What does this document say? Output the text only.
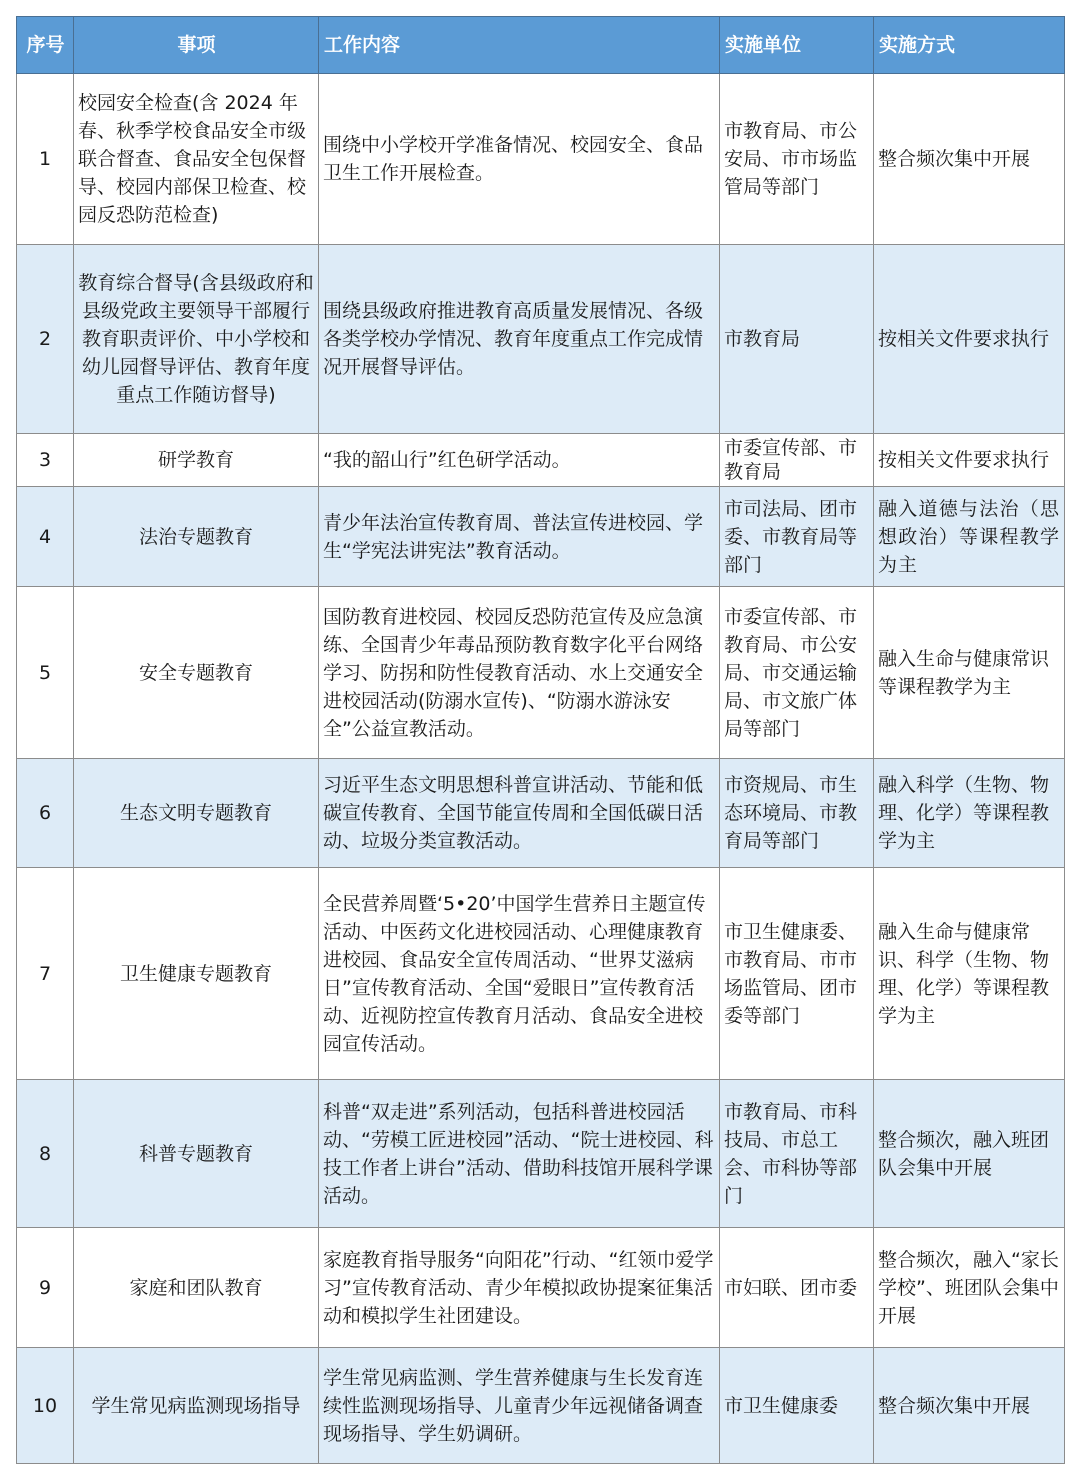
序号	事项	工作内容	实施单位	实施方式
1	校园安全检查(含 2024 年春、秋季学校食品安全市级联合督查、食品安全包保督导、校园内部保卫检查、校园反恐防范检查)	围绕中小学校开学准备情况、校园安全、食品卫生工作开展检查。	市教育局、市公安局、市市场监管局等部门	整合频次集中开展
2	教育综合督导(含县级政府和县级党政主要领导干部履行教育职责评价、中小学校和幼儿园督导评估、教育年度重点工作随访督导)	围绕县级政府推进教育高质量发展情况、各级各类学校办学情况、教育年度重点工作完成情况开展督导评估。	市教育局	按相关文件要求执行
3	研学教育	“我的韶山行”红色研学活动。	市委宣传部、市教育局	按相关文件要求执行
4	法治专题教育	青少年法治宣传教育周、普法宣传进校园、学生“学宪法讲宪法”教育活动。	市司法局、团市委、市教育局等部门	融入道德与法治（思想政治）等课程教学为主
5	安全专题教育	国防教育进校园、校园反恐防范宣传及应急演练、全国青少年毒品预防教育数字化平台网络学习、防拐和防性侵教育活动、水上交通安全进校园活动(防溺水宣传)、“防溺水游泳安全”公益宣教活动。	市委宣传部、市教育局、市公安局、市交通运输局、市文旅广体局等部门	融入生命与健康常识等课程教学为主
6	生态文明专题教育	习近平生态文明思想科普宣讲活动、节能和低碳宣传教育、全国节能宣传周和全国低碳日活动、垃圾分类宣教活动。	市资规局、市生态环境局、市教育局等部门	融入科学（生物、物理、化学）等课程教学为主
7	卫生健康专题教育	全民营养周暨‘5•20’中国学生营养日主题宣传活动、中医药文化进校园活动、心理健康教育进校园、食品安全宣传周活动、“世界艾滋病日”宣传教育活动、全国“爱眼日”宣传教育活动、近视防控宣传教育月活动、食品安全进校园宣传活动。	市卫生健康委、市教育局、市市场监管局、团市委等部门	融入生命与健康常识、科学（生物、物理、化学）等课程教学为主
8	科普专题教育	科普“双走进”系列活动，包括科普进校园活动、“劳模工匠进校园”活动、“院士进校园、科技工作者上讲台”活动、借助科技馆开展科学课活动。	市教育局、市科技局、市总工会、市科协等部门	整合频次，融入班团队会集中开展
9	家庭和团队教育	家庭教育指导服务“向阳花”行动、“红领巾爱学习”宣传教育活动、青少年模拟政协提案征集活动和模拟学生社团建设。	市妇联、团市委	整合频次，融入“家长学校”、班团队会集中开展
10	学生常见病监测现场指导	学生常见病监测、学生营养健康与生长发育连续性监测现场指导、儿童青少年远视储备调查现场指导、学生奶调研。	市卫生健康委	整合频次集中开展
